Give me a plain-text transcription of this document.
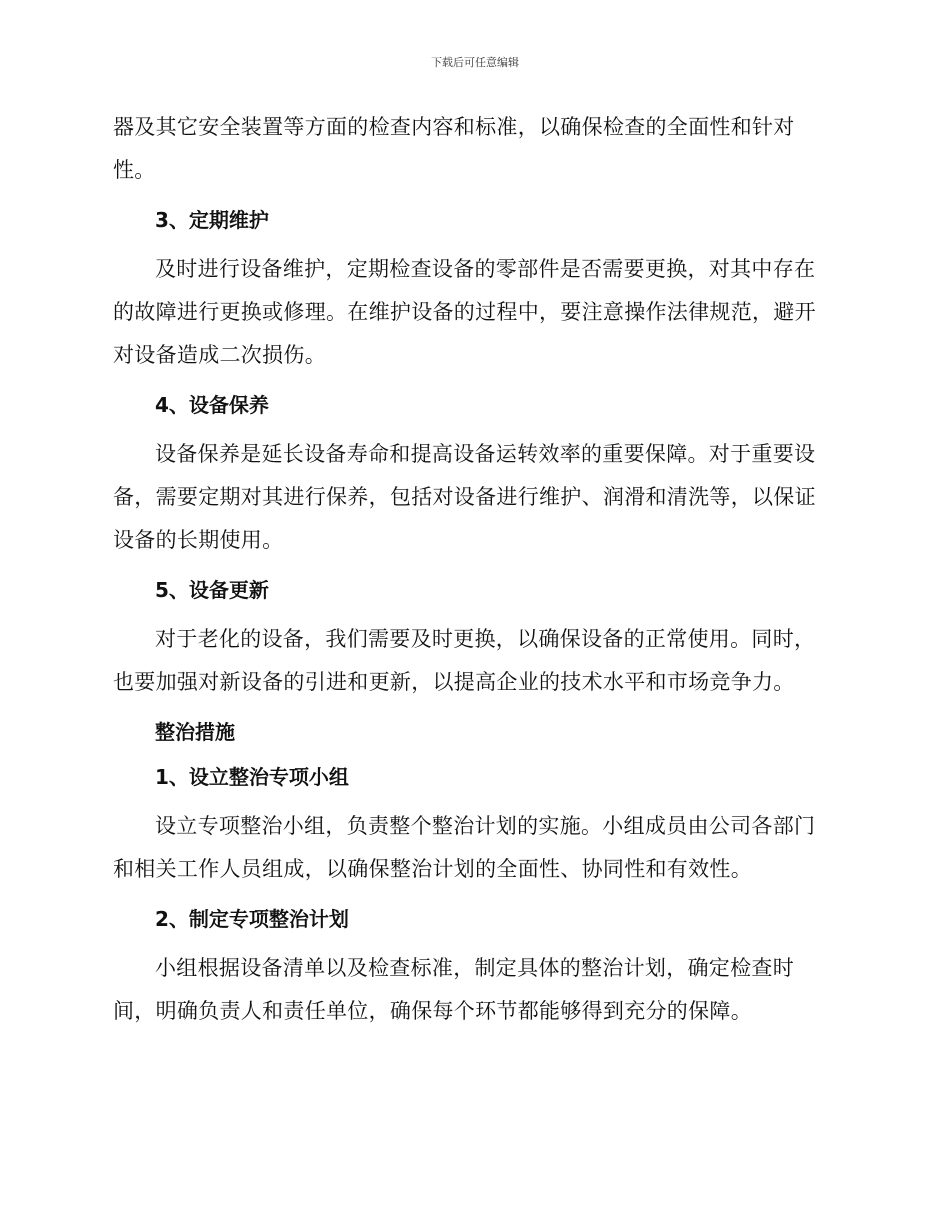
下载后可任意编辑

器及其它安全装置等方面的检查内容和标准，以确保检查的全面性和针对性。

3、定期维护

及时进行设备维护，定期检查设备的零部件是否需要更换，对其中存在的故障进行更换或修理。在维护设备的过程中，要注意操作法律规范，避开对设备造成二次损伤。

4、设备保养

设备保养是延长设备寿命和提高设备运转效率的重要保障。对于重要设备，需要定期对其进行保养，包括对设备进行维护、润滑和清洗等，以保证设备的长期使用。

5、设备更新

对于老化的设备，我们需要及时更换，以确保设备的正常使用。同时，也要加强对新设备的引进和更新，以提高企业的技术水平和市场竞争力。

整治措施
1、设立整治专项小组

设立专项整治小组，负责整个整治计划的实施。小组成员由公司各部门和相关工作人员组成，以确保整治计划的全面性、协同性和有效性。

2、制定专项整治计划

小组根据设备清单以及检查标准，制定具体的整治计划，确定检查时间，明确负责人和责任单位，确保每个环节都能够得到充分的保障。
